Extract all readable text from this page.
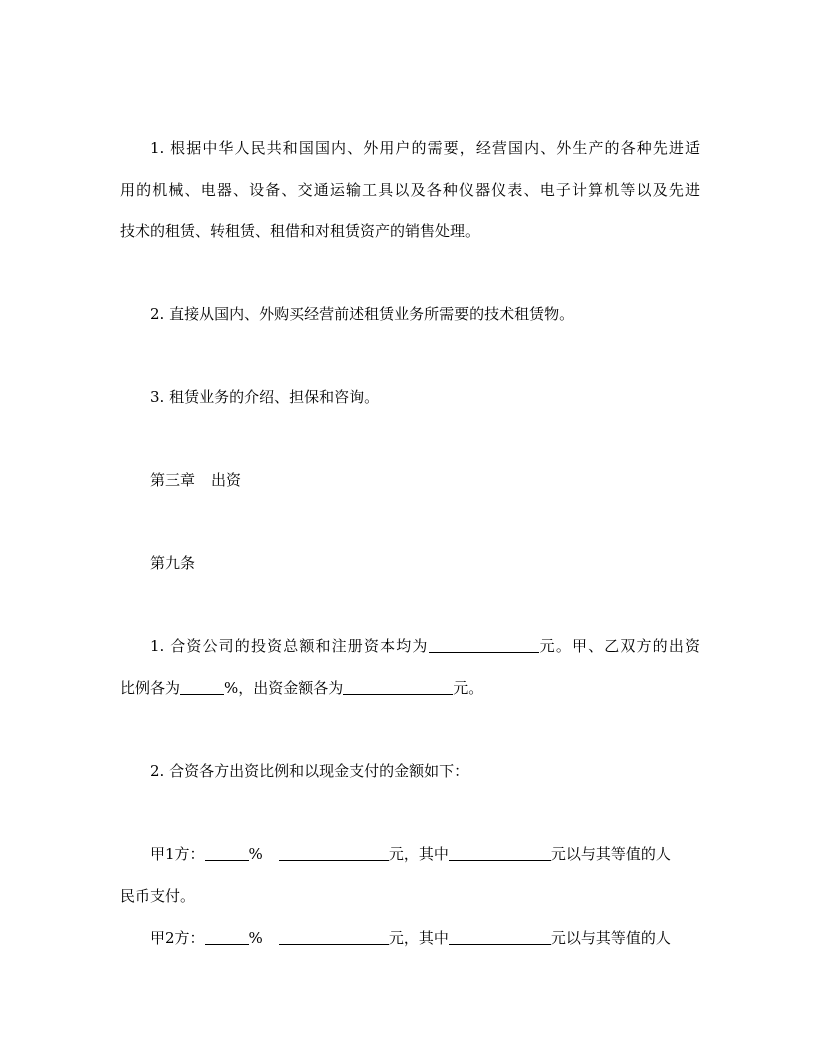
1. 根据中华人民共和国国内、外用户的需要，经营国内、外生产的各种先进适
用的机械、电器、设备、交通运输工具以及各种仪器仪表、电子计算机等以及先进
技术的租赁、转租赁、租借和对租赁资产的销售处理。
2. 直接从国内、外购买经营前述租赁业务所需要的技术租赁物。
3. 租赁业务的介绍、担保和咨询。
第三章 出资
第九条
1. 合资公司的投资总额和注册资本均为	元。甲、乙双方的出资
比例各为	%，出资金额各为	元。
2. 合资各方出资比例和以现金支付的金额如下：
甲1方：	%	元，其中	元以与其等值的人
民币支付。
甲2方：	%	元，其中	元以与其等值的人
